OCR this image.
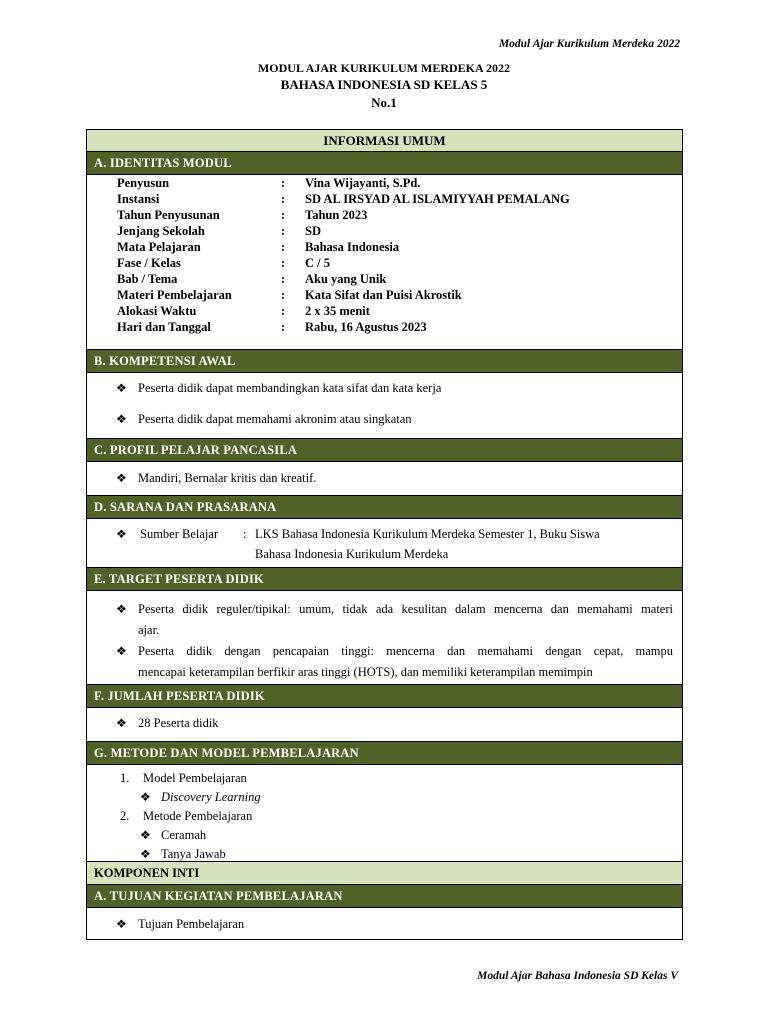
Modul Ajar Kurikulum Merdeka 2022
MODUL AJAR KURIKULUM MERDEKA 2022
BAHASA INDONESIA SD KELAS 5
No.1
INFORMASI UMUM
A. IDENTITAS MODUL
Penyusun	:	Vina Wijayanti, S.Pd.
Instansi	:	SD AL IRSYAD AL ISLAMIYYAH PEMALANG
Tahun Penyusunan	:	Tahun 2023
Jenjang Sekolah	:	SD
Mata Pelajaran	:	Bahasa Indonesia
Fase / Kelas	:	C / 5
Bab / Tema	:	Aku yang Unik
Materi Pembelajaran	:	Kata Sifat dan Puisi Akrostik
Alokasi Waktu	:	2 x 35 menit
Hari dan Tanggal	:	Rabu, 16 Agustus 2023
B. KOMPETENSI AWAL
❖ Peserta didik dapat membandingkan kata sifat dan kata kerja
❖ Peserta didik dapat memahami akronim atau singkatan
C. PROFIL PELAJAR PANCASILA
❖ Mandiri, Bernalar kritis dan kreatif.
D. SARANA DAN PRASARANA
❖ Sumber Belajar : LKS Bahasa Indonesia Kurikulum Merdeka Semester 1, Buku Siswa
Bahasa Indonesia Kurikulum Merdeka
E. TARGET PESERTA DIDIK
❖ Peserta didik reguler/tipikal: umum, tidak ada kesulitan dalam mencerna dan memahami materi
ajar.
❖ Peserta didik dengan pencapaian tinggi: mencerna dan memahami dengan cepat, mampu
mencapai keterampilan berfikir aras tinggi (HOTS), dan memiliki keterampilan memimpin
F. JUMLAH PESERTA DIDIK
❖ 28 Peserta didik
G. METODE DAN MODEL PEMBELAJARAN
1. Model Pembelajaran
❖ Discovery Learning
2. Metode Pembelajaran
❖ Ceramah
❖ Tanya Jawab
KOMPONEN INTI
A. TUJUAN KEGIATAN PEMBELAJARAN
❖ Tujuan Pembelajaran
Modul Ajar Bahasa Indonesia SD Kelas V
